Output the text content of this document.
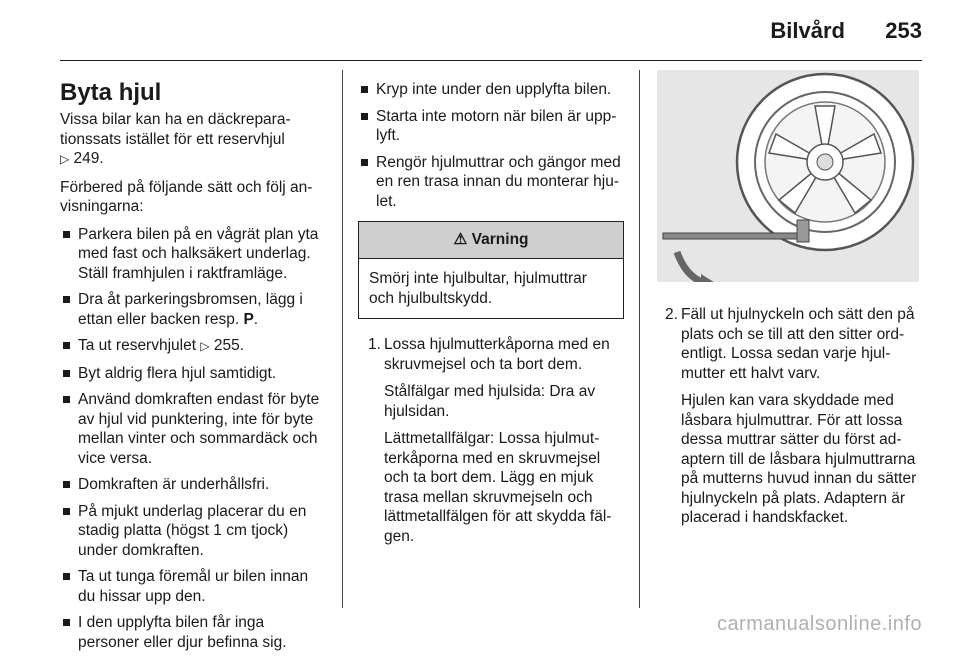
Bilvård 253
Byta hjul

Vissa bilar kan ha en däckrepara-
tionssats istället för ett reservhjul
▷ 249.

Förbered på följande sätt och följ an-
visningarna:

Parkera bilen på en vågrät plan yta
med fast och halksäkert underlag.
Ställ framhjulen i raktframläge.
Dra åt parkeringsbromsen, lägg i
ettan eller backen resp. P.
Ta ut reservhjulet ▷ 255.
Byt aldrig flera hjul samtidigt.
Använd domkraften endast för byte
av hjul vid punktering, inte för byte
mellan vinter och sommardäck och
vice versa.
Domkraften är underhållsfri.
På mjukt underlag placerar du en
stadig platta (högst 1 cm tjock)
under domkraften.
Ta ut tunga föremål ur bilen innan
du hissar upp den.
I den upplyfta bilen får inga
personer eller djur befinna sig.
Kryp inte under den upplyfta bilen.
Starta inte motorn när bilen är upp-
lyft.
Rengör hjulmuttrar och gängor med
en ren trasa innan du monterar hju-
let.
⚠ Varning
Smörj inte hjulbultar, hjulmuttrar
och hjulbultskydd.
1. Lossa hjulmutterkåporna med en
skruvmejsel och ta bort dem.

Stålfälgar med hjulsida: Dra av
hjulsidan.

Lättmetallfälgar: Lossa hjulmut-
terkåporna med en skruvmejsel
och ta bort dem. Lägg en mjuk
trasa mellan skruvmejseln och
lättmetallfälgen för att skydda fäl-
gen.

2. Fäll ut hjulnyckeln och sätt den på
plats och se till att den sitter ord-
entligt. Lossa sedan varje hjul-
mutter ett halvt varv.

Hjulen kan vara skyddade med
låsbara hjulmuttrar. För att lossa
dessa muttrar sätter du först ad-
aptern till de låsbara hjulmuttrarna
på mutterns huvud innan du sätter
hjulnyckeln på plats. Adaptern är
placerad i handskfacket.

carmanualsonline.info
